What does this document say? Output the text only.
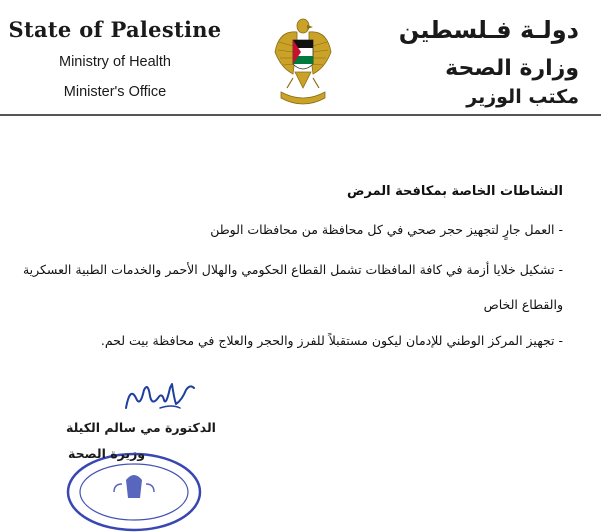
State of Palestine
Ministry of Health
Minister's Office
دولـة فـلسطين
وزارة الصحة
مكتب الوزير
النشاطات الخاصة بمكافحة المرض
- العمل جارٍ لتجهيز حجر صحي في كل محافظة من محافظات الوطن
- تشكيل خلايا أزمة في كافة المافظات تشمل القطاع الحكومي والهلال الأحمر والخدمات الطبية العسكرية
والقطاع الخاص
- تجهيز المركز الوطني للإدمان ليكون مستقبلاً للفرز والحجر والعلاج في محافظة بيت لحم.
الدكتورة مي سالم الكيلة
وزيرة الصحة
